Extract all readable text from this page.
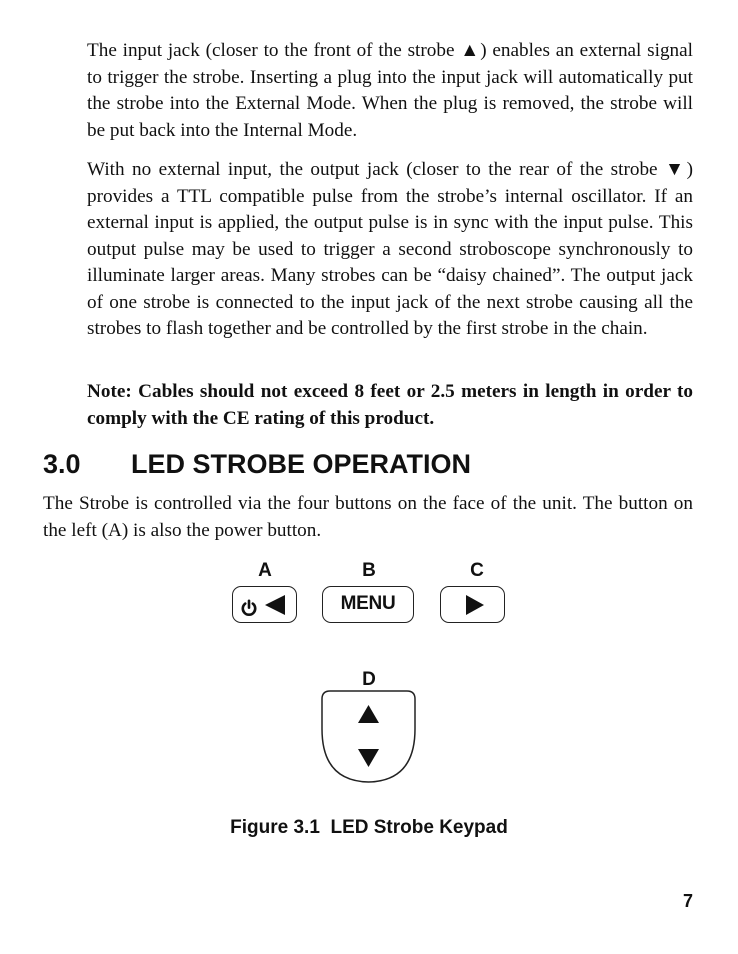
The input jack (closer to the front of the strobe ▲) enables an external signal to trigger the strobe. Inserting a plug into the input jack will automatically put the strobe into the External Mode. When the plug is removed, the strobe will be put back into the Internal Mode.

With no external input, the output jack (closer to the rear of the strobe ▼) provides a TTL compatible pulse from the strobe’s internal oscillator. If an external input is applied, the output pulse is in sync with the input pulse. This output pulse may be used to trigger a second stroboscope synchronously to illuminate larger areas. Many strobes can be “daisy chained”. The output jack of one strobe is connected to the input jack of the next strobe causing all the strobes to flash together and be controlled by the first strobe in the chain.

Note: Cables should not exceed 8 feet or 2.5 meters in length in order to comply with the CE rating of this product.

3.0 LED STROBE OPERATION

The Strobe is controlled via the four buttons on the face of the unit. The button on the left (A) is also the power button.

A	B	C
MENU
D

Figure 3.1  LED Strobe Keypad

7
